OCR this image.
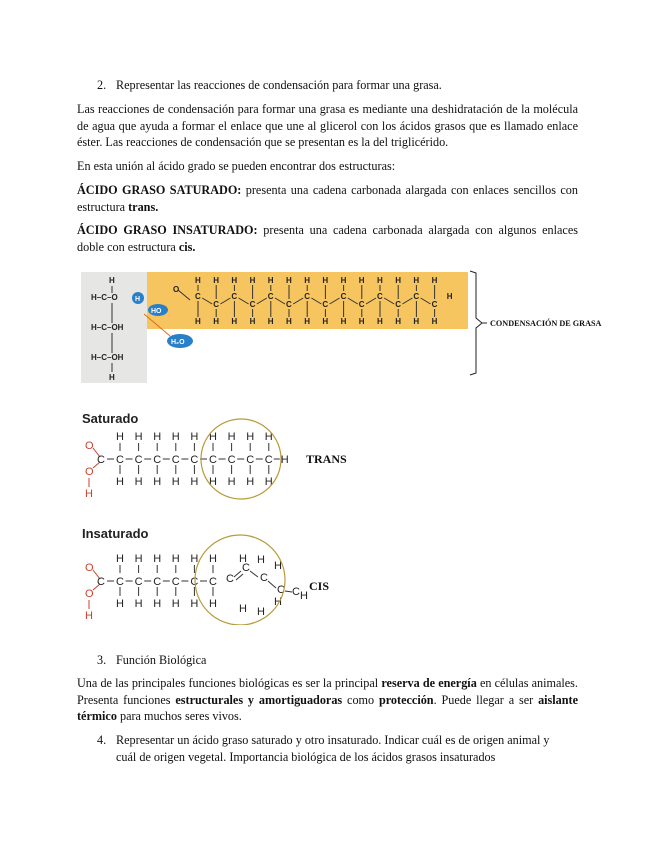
2. Representar las reacciones de condensación para formar una grasa.
Las reacciones de condensación para formar una grasa es mediante una deshidratación de la molécula de agua que ayuda a formar el enlace que une al glicerol con los ácidos grasos que es llamado enlace éster. Las reacciones de condensación que se presentan es la del triglicérido.
En esta unión al ácido grado se pueden encontrar dos estructuras:
ÁCIDO GRASO SATURADO: presenta una cadena carbonada alargada con enlaces sencillos con estructura trans.
ÁCIDO GRASO INSATURADO: presenta una cadena carbonada alargada con algunos enlaces doble con estructura cis.
H
H–C–O
H–C–OH
H–C–OH
H
H
HO
H₂O
O
C
H
H
C
H
H
C
H
H
C
H
H
C
H
H
C
H
H
C
H
H
C
H
H
C
H
H
C
H
H
C
H
H
C
H
H
C
H
H
C
H
H
H
CONDENSACIÓN DE GRASA
Saturado
Insaturado
O
O
H
C
H
C
H
H
C
H
H
C
H
H
C
H
H
C
H
H
C
H
H
C
H
H
C
H
H
C
H
H
O
O
H
C
H
C
H
H
C
H
H
C
H
H
C
H
H
C
H
H
C
H
C
C
C
C C
H H H
H
H H
H
TRANS
CIS
3. Función Biológica
Una de las principales funciones biológicas es ser la principal reserva de energía en células animales. Presenta funciones estructurales y amortiguadoras como protección. Puede llegar a ser aislante térmico para muchos seres vivos.
4. Representar un ácido graso saturado y otro insaturado. Indicar cuál es de origen animal y
cuál de origen vegetal. Importancia biológica de los ácidos grasos insaturados
